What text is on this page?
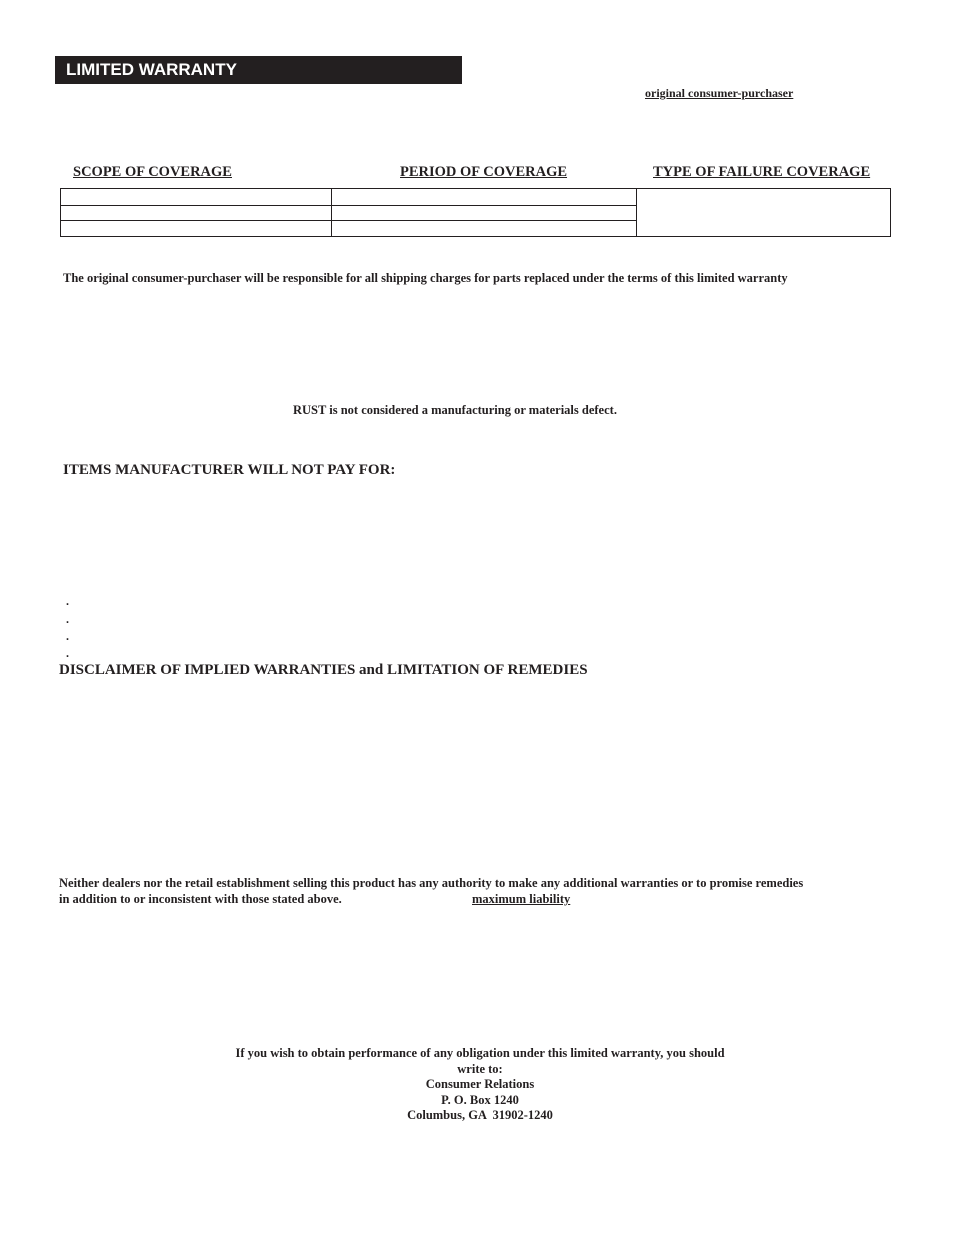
LIMITED WARRANTY
original consumer-purchaser
SCOPE OF COVERAGE	PERIOD OF COVERAGE	TYPE OF FAILURE COVERAGE
The original consumer-purchaser will be responsible for all shipping charges for parts replaced under the terms of this limited warranty
RUST is not considered a manufacturing or materials defect.
ITEMS MANUFACTURER WILL NOT PAY FOR:
.
.
.
.
DISCLAIMER OF IMPLIED WARRANTIES and LIMITATION OF REMEDIES
Neither dealers nor the retail establishment selling this product has any authority to make any additional warranties or to promise remedies
in addition to or inconsistent with those stated above.	maximum liability
If you wish to obtain performance of any obligation under this limited warranty, you should
write to:
Consumer Relations
P. O. Box 1240
Columbus, GA  31902-1240
